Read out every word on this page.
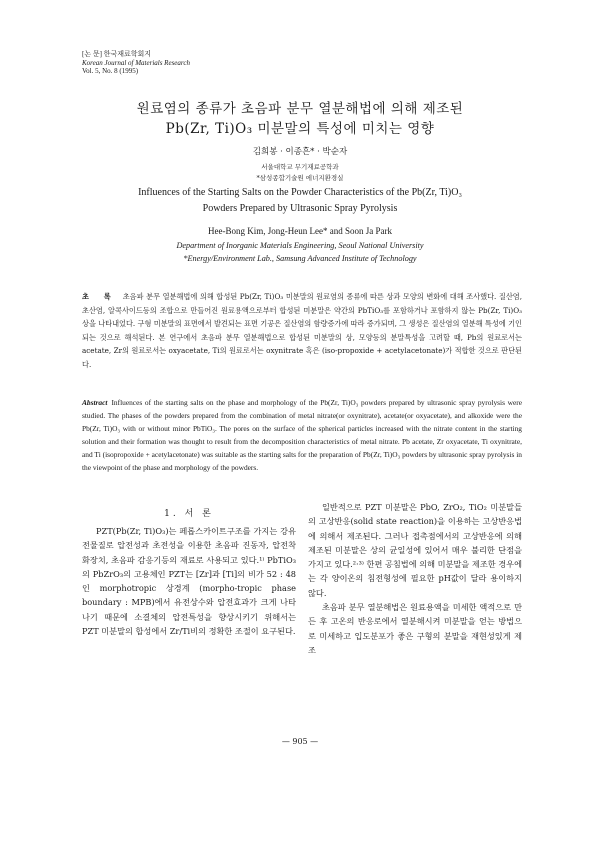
[논 문] 한국재료학회지
Korean Journal of Materials Research
Vol. 5, No. 8 (1995)
원료염의 종류가 초음파 분무 열분해법에 의해 제조된
Pb(Zr, Ti)O₃ 미분말의 특성에 미치는 영향
김희봉 · 이종흔* · 박순자
서울대학교 무기재료공학과
*삼성종합기술원 에너지환경실
Influences of the Starting Salts on the Powder Characteristics of the Pb(Zr, Ti)O₃
Powders Prepared by Ultrasonic Spray Pyrolysis
Hee-Bong Kim, Jong-Heun Lee* and Soon Ja Park
Department of Inorganic Materials Engineering, Seoul National University
*Energy/Environment Lab., Samsung Advanced Institute of Technology
초 록 초음파 분무 열분해법에 의해 합성된 Pb(Zr, Ti)O₃ 미분말의 원료염의 종류에 따른 상과 모양의 변화에 대해 조사했다. 질산염, 초산염, 알콕사이드등의 조합으로 만들어진 원료용액으로부터 합성된 미분말은 약간의 PbTiO₃를 포함하거나 포함하지 않는 Pb(Zr, Ti)O₃ 상을 나타내었다. 구형 미분말의 표면에서 발견되는 표면 기공은 질산염의 함량증가에 따라 증가되며, 그 생성은 질산염의 열분해 특성에 기인되는 것으로 해석된다. 본 연구에서 초음파 분무 열분해법으로 합성된 미분말의 상, 모양등의 분말특성을 고려할 때, Pb의 원료로서는 acetate, Zr의 원료로서는 oxyacetate, Ti의 원료로서는 oxynitrate 혹은 (iso-propoxide + acetylacetonate)가 적합한 것으로 판단된다.
Abstract Influences of the starting salts on the phase and morphology of the Pb(Zr, Ti)O₃ powders prepared by ultrasonic spray pyrolysis were studied. The phases of the powders prepared from the combination of metal nitrate(or oxynitrate), acetate(or oxyacetate), and alkoxide were the Pb(Zr, Ti)O₃ with or without minor PbTiO₃. The pores on the surface of the spherical particles increased with the nitrate content in the starting solution and their formation was thought to result from the decomposition characteristics of metal nitrate. Pb acetate, Zr oxyacetate, Ti oxynitrate, and Ti (isopropoxide + acetylacetonate) was suitable as the starting salts for the preparation of Pb(Zr, Ti)O₃ powders by ultrasonic spray pyrolysis in the viewpoint of the phase and morphology of the powders.
1. 서 론

PZT(Pb(Zr, Ti)O₃)는 페롭스카이트구조를 가지는 강유전물질로 압전성과 초전성을 이용한 초음파 진동자, 압전착화장치, 초음파 감응기등의 재료로 사용되고 있다.¹⁾ PbTiO₃의 PbZrO₃의 고용체인 PZT는 [Zr]과 [Ti]의 비가 52 : 48인 morphotropic 상경계 (morpho-tropic phase boundary : MPB)에서 유전상수와 압전효과가 크게 나타나기 때문에 소결체의 압전특성을 향상시키기 위해서는 PZT 미분말의 합성에서 Zr/Ti비의 정확한 조절이 요구된다.

일반적으로 PZT 미분말은 PbO, ZrO₂, TiO₂ 미분말들의 고상반응(solid state reaction)을 이용하는 고상반응법에 의해서 제조된다. 그러나 접촉점에서의 고상반응에 의해 제조된 미분말은 상의 균일성에 있어서 매우 불리한 단점을 가지고 있다.²·³⁾ 한편 공침법에 의해 미분말을 제조한 경우에는 각 양이온의 침전형성에 필요한 pH값이 달라 용이하지 않다.

초음파 분무 열분해법은 원료용액을 미세한 액적으로 만든 후 고온의 반응로에서 열분해시켜 미분말을 얻는 방법으로 미세하고 입도분포가 좋은 구형의 분말을 재현성있게 제조

— 905 —
